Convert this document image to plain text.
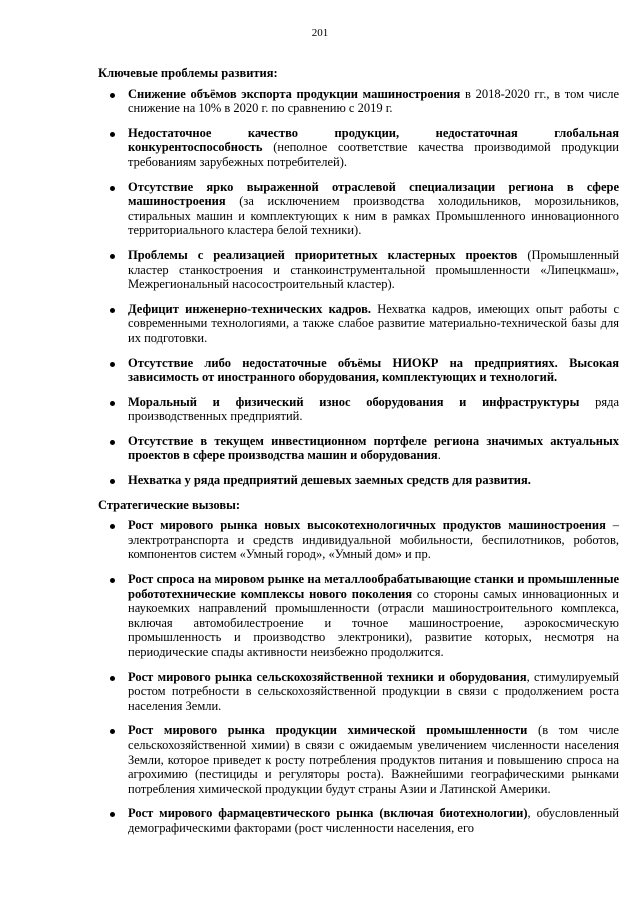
201
Ключевые проблемы развития:
Снижение объёмов экспорта продукции машиностроения в 2018-2020 гг., в том числе снижение на 10% в 2020 г. по сравнению с 2019 г.
Недостаточное качество продукции, недостаточная глобальная конкурентоспособность (неполное соответствие качества производимой продукции требованиям зарубежных потребителей).
Отсутствие ярко выраженной отраслевой специализации региона в сфере машиностроения (за исключением производства холодильников, морозильников, стиральных машин и комплектующих к ним в рамках Промышленного инновационного территориального кластера белой техники).
Проблемы с реализацией приоритетных кластерных проектов (Промышленный кластер станкостроения и станкоинструментальной промышленности «Липецкмаш», Межрегиональный насосостроительный кластер).
Дефицит инженерно-технических кадров. Нехватка кадров, имеющих опыт работы с современными технологиями, а также слабое развитие материально-технической базы для их подготовки.
Отсутствие либо недостаточные объёмы НИОКР на предприятиях. Высокая зависимость от иностранного оборудования, комплектующих и технологий.
Моральный и физический износ оборудования и инфраструктуры ряда производственных предприятий.
Отсутствие в текущем инвестиционном портфеле региона значимых актуальных проектов в сфере производства машин и оборудования.
Нехватка у ряда предприятий дешевых заемных средств для развития.
Стратегические вызовы:
Рост мирового рынка новых высокотехнологичных продуктов машиностроения – электротранспорта и средств индивидуальной мобильности, беспилотников, роботов, компонентов систем «Умный город», «Умный дом» и пр.
Рост спроса на мировом рынке на металлообрабатывающие станки и промышленные робототехнические комплексы нового поколения со стороны самых инновационных и наукоемких направлений промышленности (отрасли машиностроительного комплекса, включая автомобилестроение и точное машиностроение, аэрокосмическую промышленность и производство электроники), развитие которых, несмотря на периодические спады активности неизбежно продолжится.
Рост мирового рынка сельскохозяйственной техники и оборудования, стимулируемый ростом потребности в сельскохозяйственной продукции в связи с продолжением роста населения Земли.
Рост мирового рынка продукции химической промышленности (в том числе сельскохозяйственной химии) в связи с ожидаемым увеличением численности населения Земли, которое приведет к росту потребления продуктов питания и повышению спроса на агрохимию (пестициды и регуляторы роста). Важнейшими географическими рынками потребления химической продукции будут страны Азии и Латинской Америки.
Рост мирового фармацевтического рынка (включая биотехнологии), обусловленный демографическими факторами (рост численности населения, его
